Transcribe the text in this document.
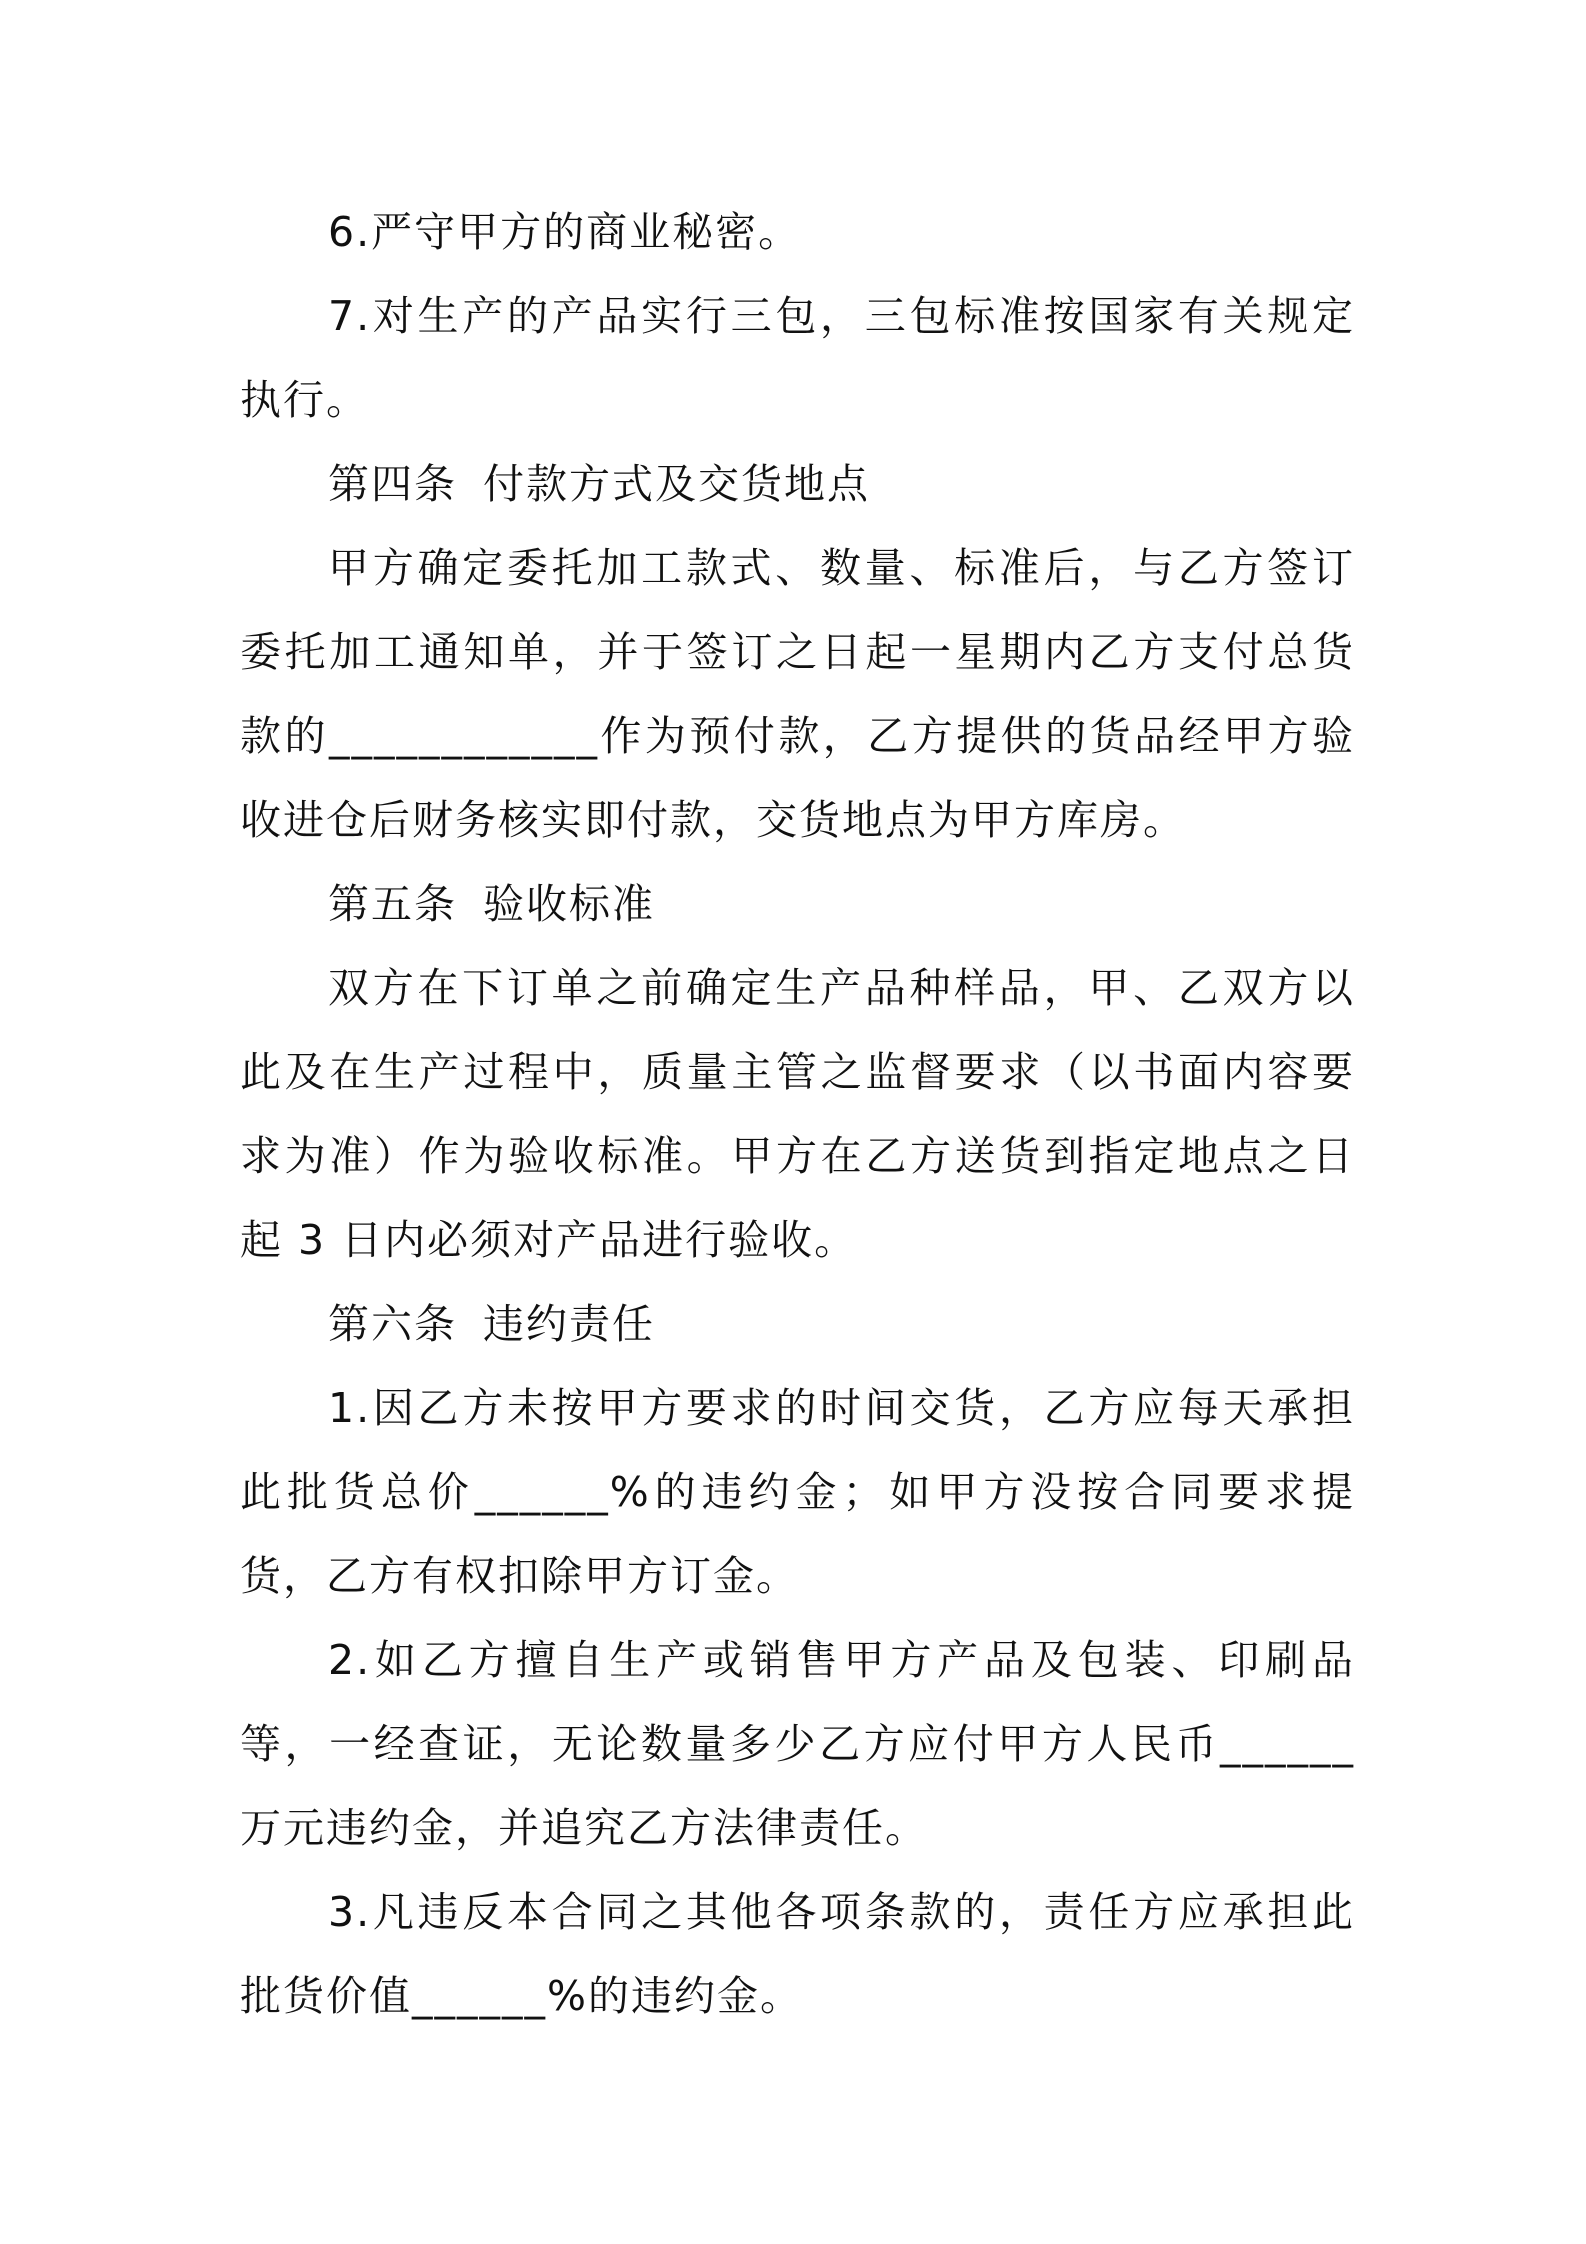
6.严守甲方的商业秘密。

7.对生产的产品实行三包，三包标准按国家有关规定执行。

第四条 付款方式及交货地点

甲方确定委托加工款式、数量、标准后，与乙方签订委托加工通知单，并于签订之日起一星期内乙方支付总货款的____________作为预付款，乙方提供的货品经甲方验收进仓后财务核实即付款，交货地点为甲方库房。

第五条 验收标准

双方在下订单之前确定生产品种样品，甲、乙双方以此及在生产过程中，质量主管之监督要求（以书面内容要求为准）作为验收标准。甲方在乙方送货到指定地点之日起 3 日内必须对产品进行验收。

第六条 违约责任

1.因乙方未按甲方要求的时间交货，乙方应每天承担此批货总价______%的违约金；如甲方没按合同要求提货，乙方有权扣除甲方订金。

2.如乙方擅自生产或销售甲方产品及包装、印刷品等，一经查证，无论数量多少乙方应付甲方人民币______万元违约金，并追究乙方法律责任。

3.凡违反本合同之其他各项条款的，责任方应承担此批货价值______%的违约金。
